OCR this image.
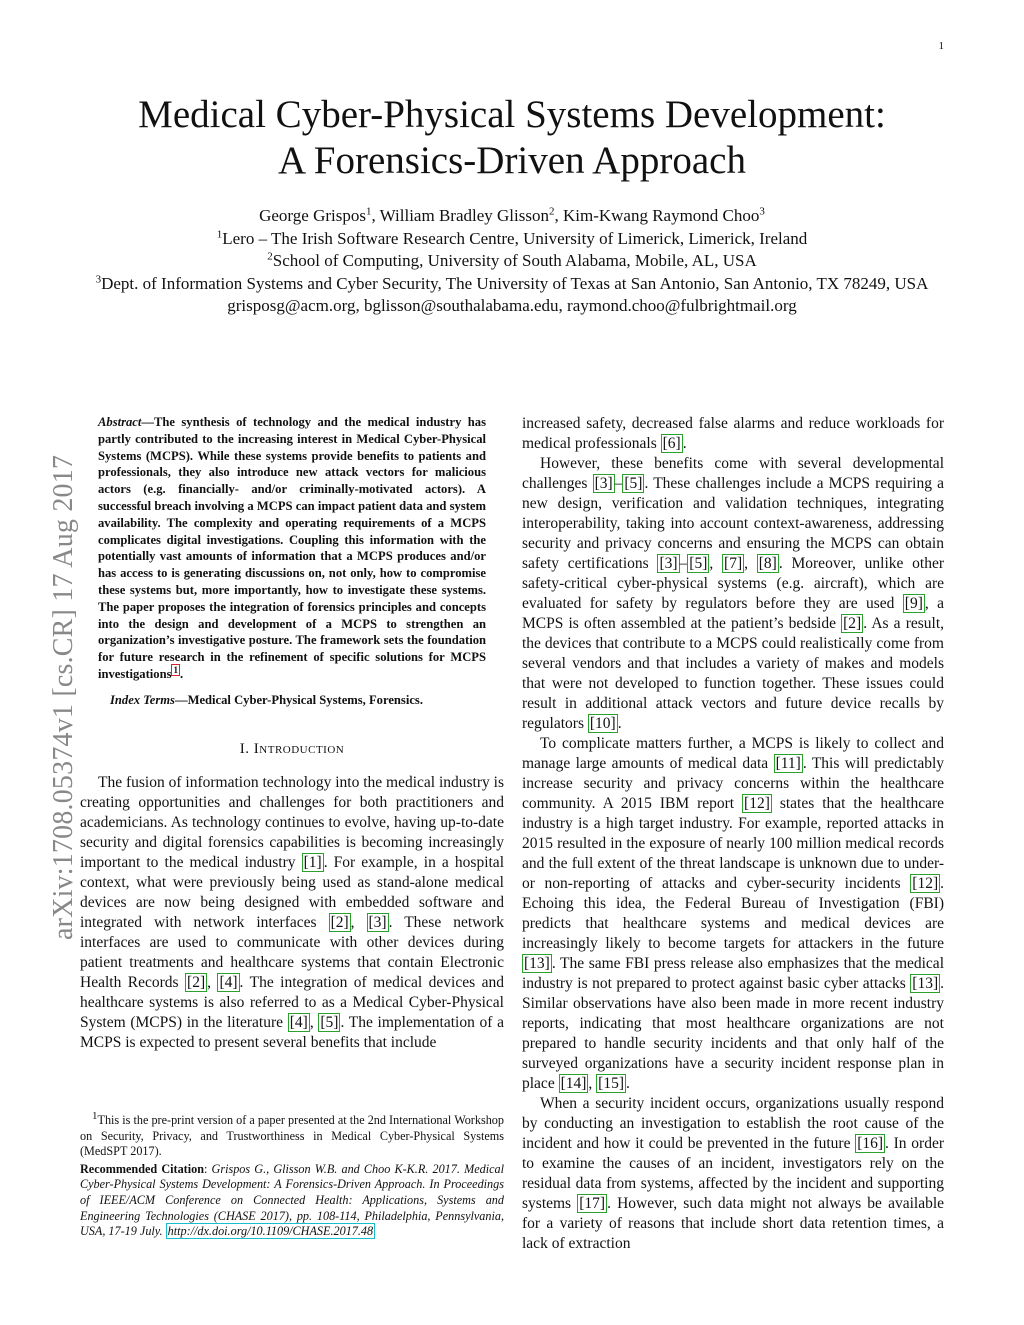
1
arXiv:1708.05374v1 [cs.CR] 17 Aug 2017
Medical Cyber-Physical Systems Development:
A Forensics-Driven Approach

George Grispos$^1$, William Bradley Glisson$^2$, Kim-Kwang Raymond Choo$^3$

$^1$Lero – The Irish Software Research Centre, University of Limerick, Limerick, Ireland

$^2$School of Computing, University of South Alabama, Mobile, AL, USA

$^3$Dept. of Information Systems and Cyber Security, The University of Texas at San Antonio, San Antonio, TX 78249, USA

grisposg@acm.org, bglisson@southalabama.edu, raymond.choo@fulbrightmail.org

Abstract—The synthesis of technology and the medical industry has partly contributed to the increasing interest in Medical Cyber-Physical Systems (MCPS). While these systems provide benefits to patients and professionals, they also introduce new attack vectors for malicious actors (e.g. financially- and/or criminally-motivated actors). A successful breach involving a MCPS can impact patient data and system availability. The complexity and operating requirements of a MCPS complicates digital investigations. Coupling this information with the potentially vast amounts of information that a MCPS produces and/or has access to is generating discussions on, not only, how to compromise these systems but, more importantly, how to investigate these systems. The paper proposes the integration of forensics principles and concepts into the design and development of a MCPS to strengthen an organization’s investigative posture. The framework sets the foundation for future research in the refinement of specific solutions for MCPS investigations $^1$ .

Index Terms—Medical Cyber-Physical Systems, Forensics.

I. Introduction

The fusion of information technology into the medical industry is creating opportunities and challenges for both practitioners and academicians. As technology continues to evolve, having up-to-date security and digital forensics capabilities is becoming increasingly important to the medical industry [1] . For example, in a hospital context, what were previously being used as stand-alone medical devices are now being designed with embedded software and integrated with network interfaces [2] , [3] . These network interfaces are used to communicate with other devices during patient treatments and healthcare systems that contain Electronic Health Records [2] , [4] . The integration of medical devices and healthcare systems is also referred to as a Medical Cyber-Physical System (MCPS) in the literature [4] , [5] . The implementation of a MCPS is expected to present several benefits that include

$^1$This is the pre-print version of a paper presented at the 2nd International Workshop on Security, Privacy, and Trustworthiness in Medical Cyber-Physical Systems (MedSPT 2017).

Recommended Citation: Grispos G., Glisson W.B. and Choo K-K.R. 2017. Medical Cyber-Physical Systems Development: A Forensics-Driven Approach. In Proceedings of IEEE/ACM Conference on Connected Health: Applications, Systems and Engineering Technologies (CHASE 2017), pp. 108-114, Philadelphia, Pennsylvania, USA, 17-19 July. http://dx.doi.org/10.1109/CHASE.2017.48

increased safety, decreased false alarms and reduce workloads for medical professionals [6] .

However, these benefits come with several developmental challenges [3] – [5] . These challenges include a MCPS requiring a new design, verification and validation techniques, integrating interoperability, taking into account context-awareness, addressing security and privacy concerns and ensuring the MCPS can obtain safety certifications [3] – [5] , [7] , [8] . Moreover, unlike other safety-critical cyber-physical systems (e.g. aircraft), which are evaluated for safety by regulators before they are used [9] , a MCPS is often assembled at the patient’s bedside [2] . As a result, the devices that contribute to a MCPS could realistically come from several vendors and that includes a variety of makes and models that were not developed to function together. These issues could result in additional attack vectors and future device recalls by regulators [10] .

To complicate matters further, a MCPS is likely to collect and manage large amounts of medical data [11] . This will predictably increase security and privacy concerns within the healthcare community. A 2015 IBM report [12] states that the healthcare industry is a high target industry. For example, reported attacks in 2015 resulted in the exposure of nearly 100 million medical records and the full extent of the threat landscape is unknown due to under- or non-reporting of attacks and cyber-security incidents [12] . Echoing this idea, the Federal Bureau of Investigation (FBI) predicts that healthcare systems and medical devices are increasingly likely to become targets for attackers in the future [13] . The same FBI press release also emphasizes that the medical industry is not prepared to protect against basic cyber attacks [13] . Similar observations have also been made in more recent industry reports, indicating that most healthcare organizations are not prepared to handle security incidents and that only half of the surveyed organizations have a security incident response plan in place [14] , [15] .

When a security incident occurs, organizations usually respond by conducting an investigation to establish the root cause of the incident and how it could be prevented in the future [16] . In order to examine the causes of an incident, investigators rely on the residual data from systems, affected by the incident and supporting systems [17] . However, such data might not always be available for a variety of reasons that include short data retention times, a lack of extraction
